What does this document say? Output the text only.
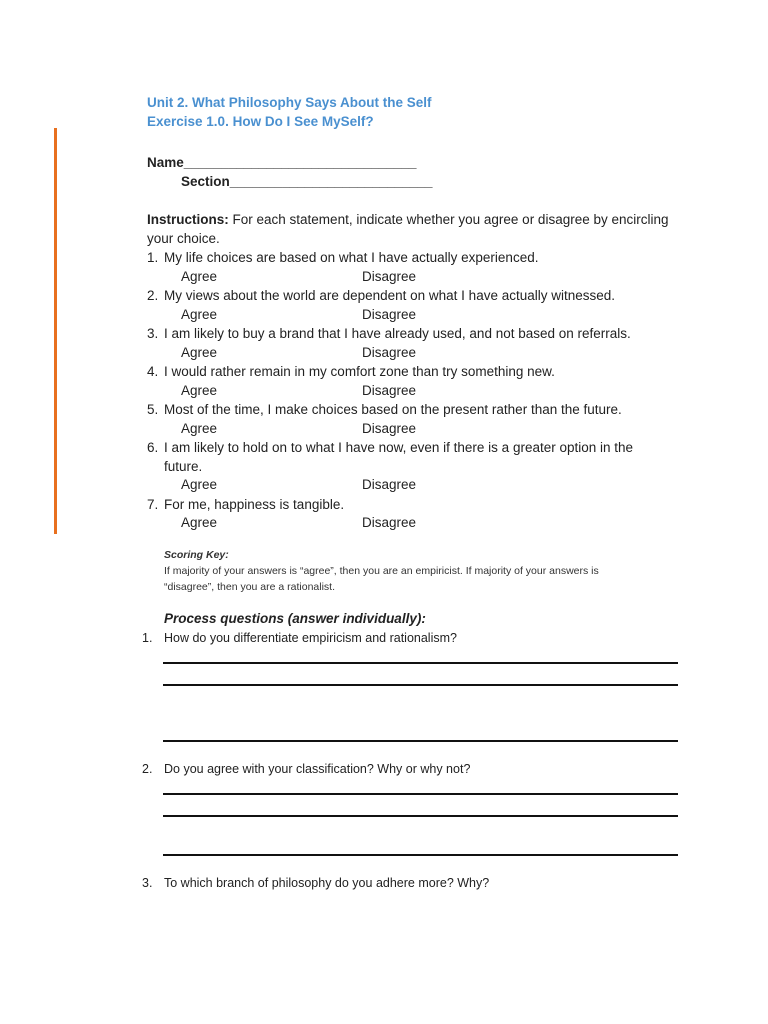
Unit 2. What Philosophy Says About the Self
Exercise 1.0. How Do I See MySelf?
Name_______________________________
Section___________________________
Instructions: For each statement, indicate whether you agree or disagree by encircling
your choice.
1. My life choices are based on what I have actually experienced.
Agree	Disagree
2. My views about the world are dependent on what I have actually witnessed.
Agree	Disagree
3. I am likely to buy a brand that I have already used, and not based on referrals.
Agree	Disagree
4. I would rather remain in my comfort zone than try something new.
Agree	Disagree
5. Most of the time, I make choices based on the present rather than the future.
Agree	Disagree
6. I am likely to hold on to what I have now, even if there is a greater option in the
future.
Agree	Disagree
7. For me, happiness is tangible.
Agree	Disagree
Scoring Key:
If majority of your answers is “agree”, then you are an empiricist. If majority of your answers is
“disagree”, then you are a rationalist.
Process questions (answer individually):
1. How do you differentiate empiricism and rationalism?
2. Do you agree with your classification? Why or why not?
3. To which branch of philosophy do you adhere more? Why?
